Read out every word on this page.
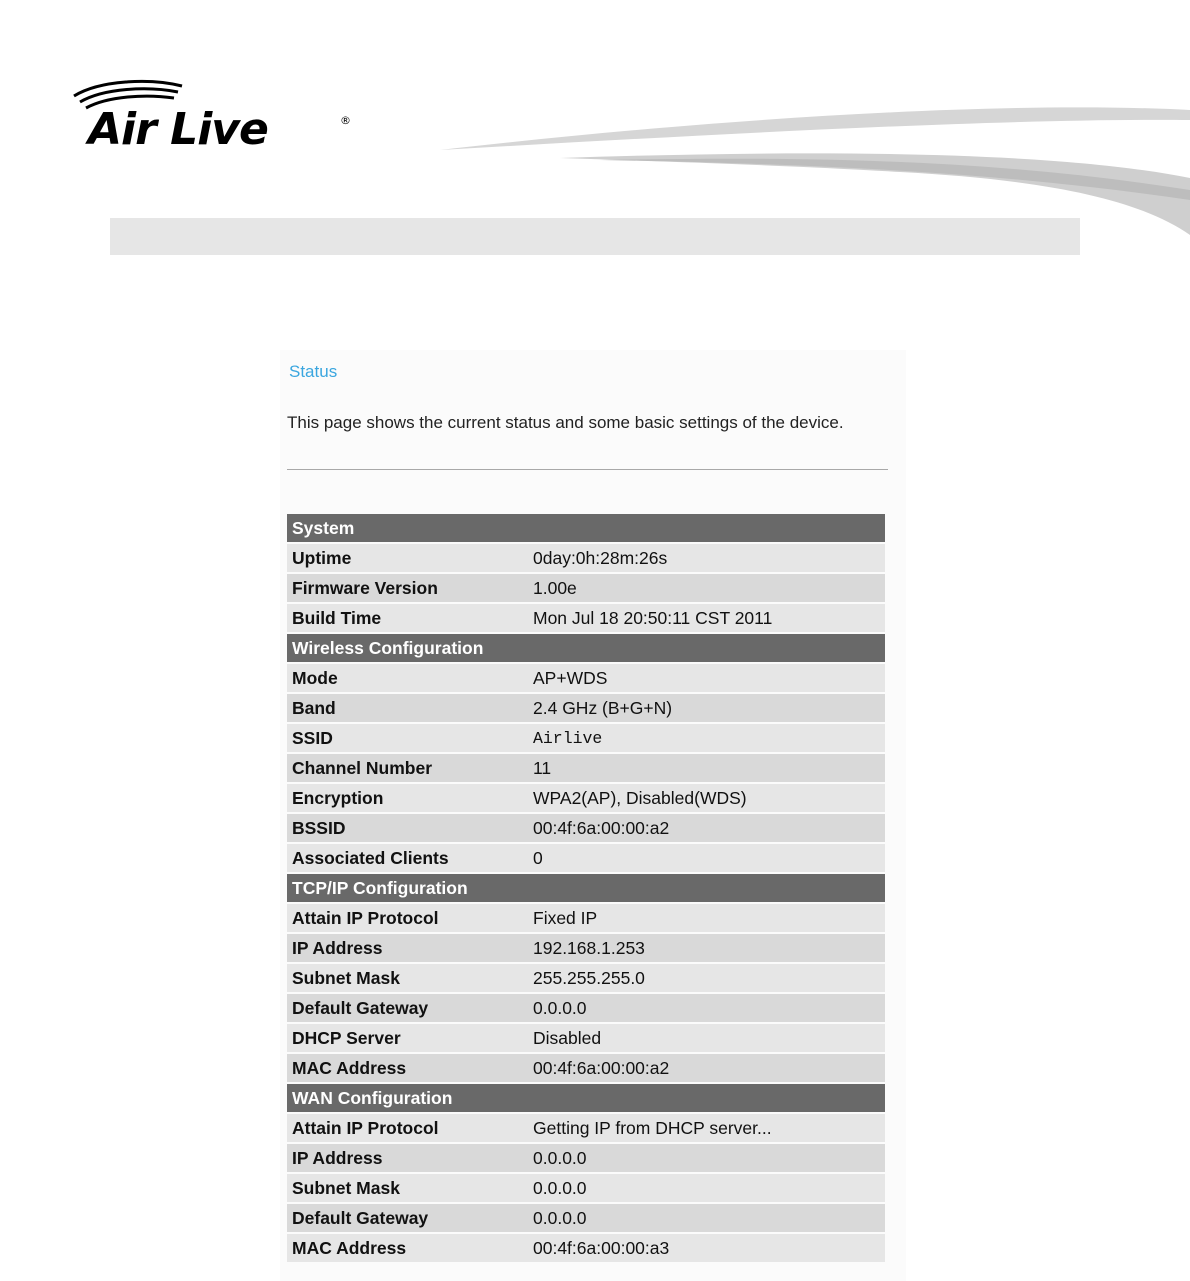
Air Live	®
Status
This page shows the current status and some basic settings of the device.
System	
Uptime	0day:0h:28m:26s
Firmware Version	1.00e
Build Time	Mon Jul 18 20:50:11 CST 2011
Wireless Configuration	
Mode	AP+WDS
Band	2.4 GHz (B+G+N)
SSID	Airlive
Channel Number	11
Encryption	WPA2(AP), Disabled(WDS)
BSSID	00:4f:6a:00:00:a2
Associated Clients	0
TCP/IP Configuration	
Attain IP Protocol	Fixed IP
IP Address	192.168.1.253
Subnet Mask	255.255.255.0
Default Gateway	0.0.0.0
DHCP Server	Disabled
MAC Address	00:4f:6a:00:00:a2
WAN Configuration	
Attain IP Protocol	Getting IP from DHCP server...
IP Address	0.0.0.0
Subnet Mask	0.0.0.0
Default Gateway	0.0.0.0
MAC Address	00:4f:6a:00:00:a3
